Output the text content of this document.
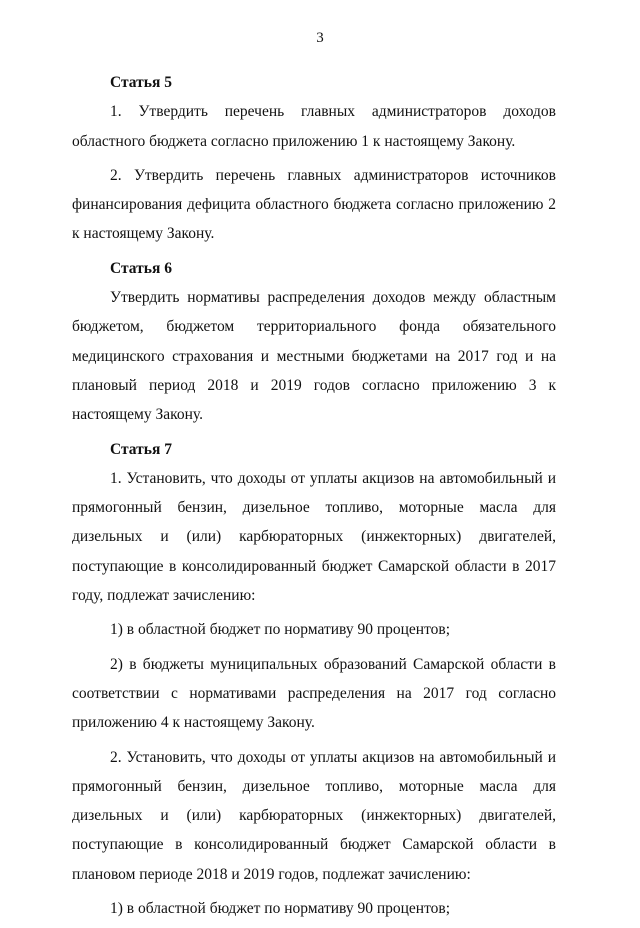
3

Статья 5

1. Утвердить перечень главных администраторов доходов областного бюджета согласно приложению 1 к настоящему Закону.

2. Утвердить перечень главных администраторов источников финансирования дефицита областного бюджета согласно приложению 2 к настоящему Закону.

Статья 6

Утвердить нормативы распределения доходов между областным бюджетом, бюджетом территориального фонда обязательного медицинского страхования и местными бюджетами на 2017 год и на плановый период 2018 и 2019 годов согласно приложению 3 к настоящему Закону.

Статья 7

1. Установить, что доходы от уплаты акцизов на автомобильный и прямогонный бензин, дизельное топливо, моторные масла для дизельных и (или) карбюраторных (инжекторных) двигателей, поступающие в консолидированный бюджет Самарской области в 2017 году, подлежат зачислению:

1) в областной бюджет по нормативу 90 процентов;

2) в бюджеты муниципальных образований Самарской области в соответствии с нормативами распределения на 2017 год согласно приложению 4 к настоящему Закону.

2. Установить, что доходы от уплаты акцизов на автомобильный и прямогонный бензин, дизельное топливо, моторные масла для дизельных и (или) карбюраторных (инжекторных) двигателей, поступающие в консолидированный бюджет Самарской области в плановом периоде 2018 и 2019 годов, подлежат зачислению:

1) в областной бюджет по нормативу 90 процентов;
